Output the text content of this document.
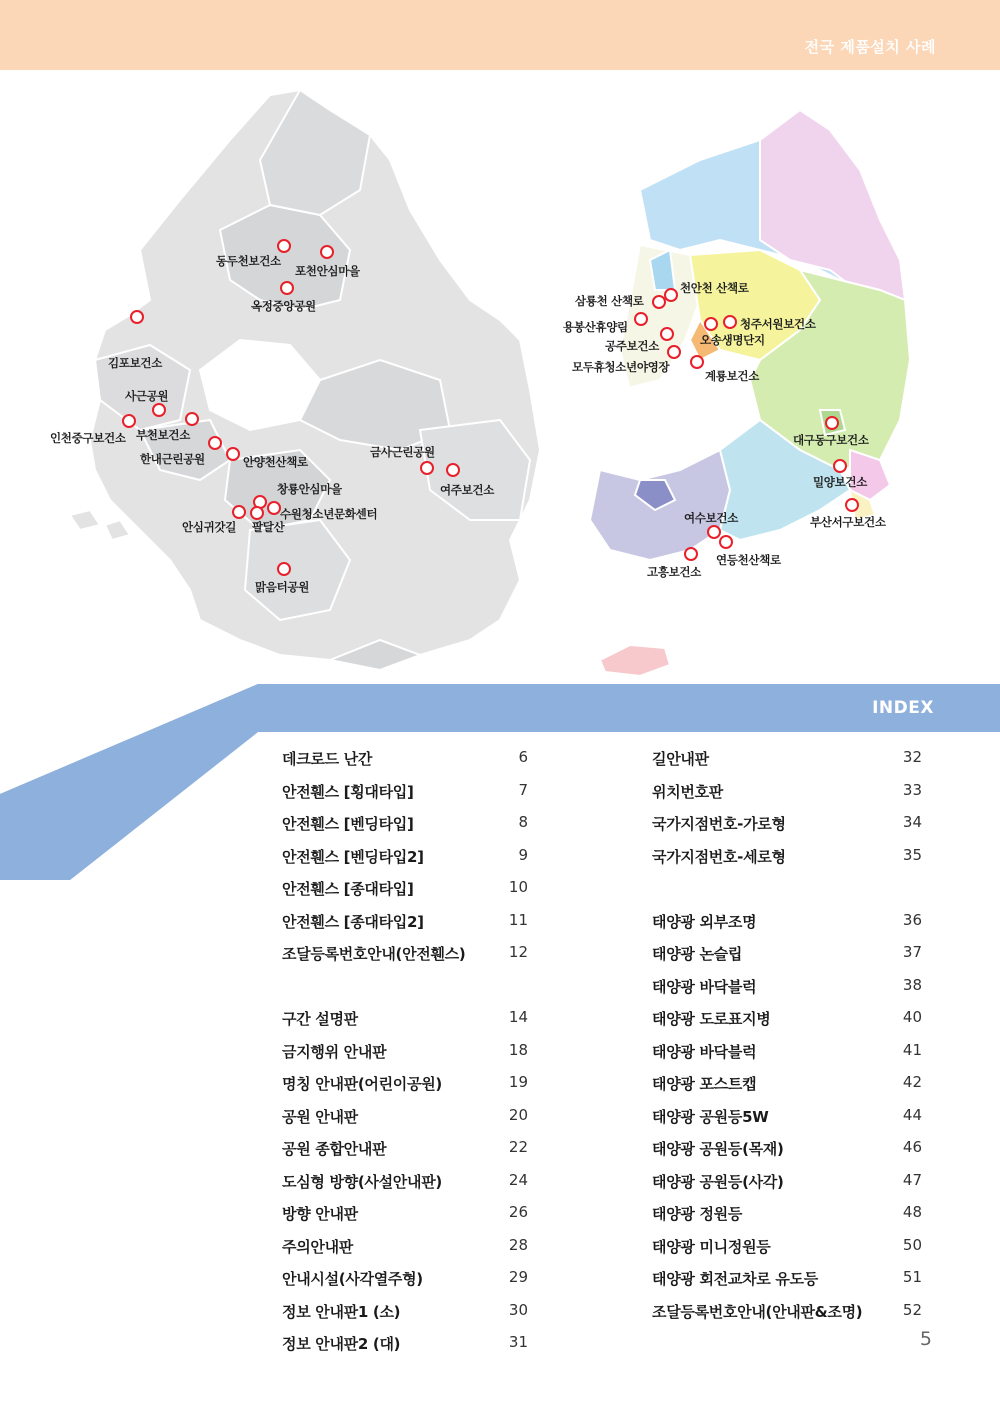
전국 제품설치 사례
동두천보건소
포천안심마을
옥정중앙공원
김포보건소
사근공원
인천중구보건소 부천보건소
한내근린공원	안양천산책로
금사근린공원
여주보건소
창룡안심마을
수원청소년문화센터
안심귀갓길 팔달산
맑음터공원
천안천 산책로
삼룡천 산책로
용봉산휴양림	청주서원보건소
공주보건소	오송생명단지
모두휴청소년야영장
계룡보건소
대구동구보건소
밀양보건소
여수보건소	부산서구보건소
연등천산책로
고흥보건소
INDEX
데크로드 난간	6
안전휀스 [횡대타입]	7
안전휀스 [벤딩타입]	8
안전휀스 [벤딩타입2]	9
안전휀스 [종대타입]	10
안전휀스 [종대타입2]	11
조달등록번호안내(안전휀스)	12
구간 설명판	14
금지행위 안내판	18
명칭 안내판(어린이공원)	19
공원 안내판	20
공원 종합안내판	22
도심형 방향(사설안내판)	24
방향 안내판	26
주의안내판	28
안내시설(사각열주형)	29
정보 안내판1 (소)	30
정보 안내판2 (대)	31
길안내판	32
위치번호판	33
국가지점번호-가로형	34
국가지점번호-세로형	35
태양광 외부조명	36
태양광 논슬립	37
태양광 바닥블럭	38
태양광 도로표지병	40
태양광 바닥블럭	41
태양광 포스트캡	42
태양광 공원등5W	44
태양광 공원등(목재)	46
태양광 공원등(사각)	47
태양광 정원등	48
태양광 미니정원등	50
태양광 회전교차로 유도등	51
조달등록번호안내(안내판&조명)	52
5
